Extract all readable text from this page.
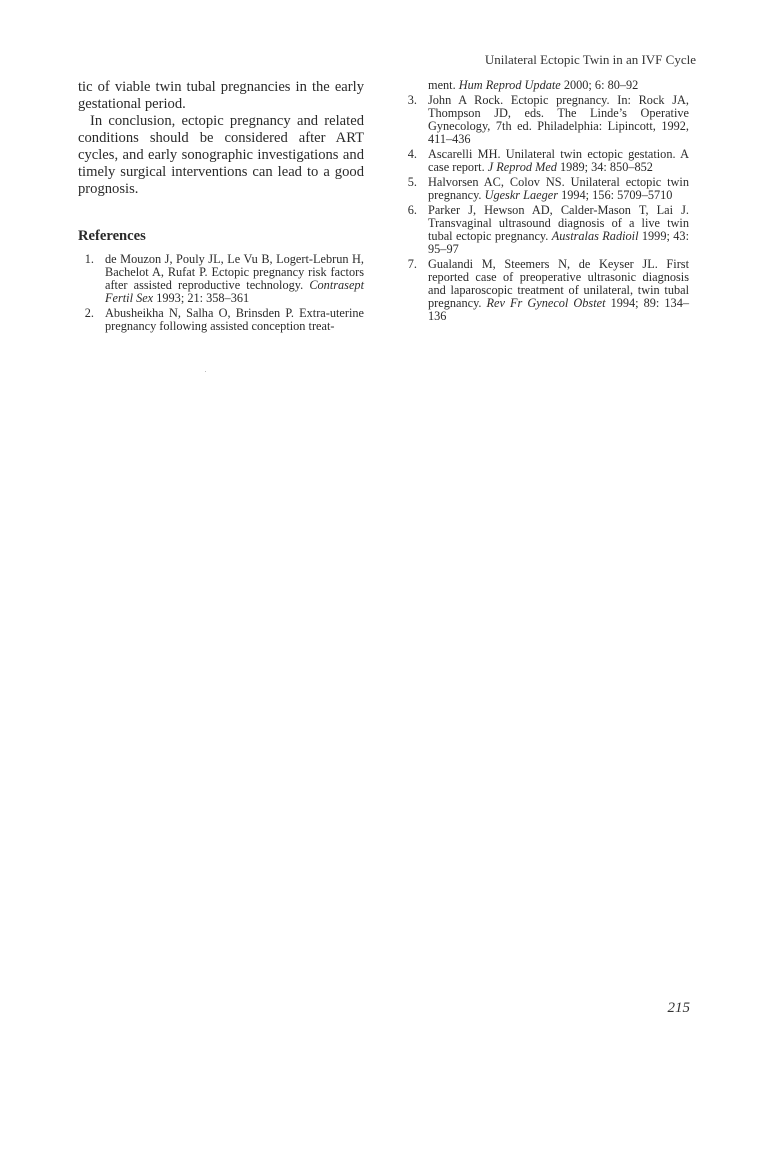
Unilateral Ectopic Twin in an IVF Cycle

tic of viable twin tubal pregnancies in the early gestational period.

In conclusion, ectopic pregnancy and related conditions should be considered after ART cycles, and early sonographic investigations and timely surgical interventions can lead to a good prognosis.

References
1. de Mouzon J, Pouly JL, Le Vu B, Logert-Lebrun H, Bachelot A, Rufat P. Ectopic pregnancy risk factors after assisted reproductive technology. Contrasept Fertil Sex 1993; 21: 358–361
2. Abusheikha N, Salha O, Brinsden P. Extra-uterine pregnancy following assisted conception treat-
ment. Hum Reprod Update 2000; 6: 80–92
3. John A Rock. Ectopic pregnancy. In: Rock JA, Thompson JD, eds. The Linde’s Operative Gynecology, 7th ed. Philadelphia: Lipincott, 1992, 411–436
4. Ascarelli MH. Unilateral twin ectopic gestation. A case report. J Reprod Med 1989; 34: 850–852
5. Halvorsen AC, Colov NS. Unilateral ectopic twin pregnancy. Ugeskr Laeger 1994; 156: 5709–5710
6. Parker J, Hewson AD, Calder-Mason T, Lai J. Transvaginal ultrasound diagnosis of a live twin tubal ectopic pregnancy. Australas Radioil 1999; 43: 95–97
7. Gualandi M, Steemers N, de Keyser JL. First reported case of preoperative ultrasonic diagnosis and laparoscopic treatment of unilateral, twin tubal pregnancy. Rev Fr Gynecol Obstet 1994; 89: 134–136
215
